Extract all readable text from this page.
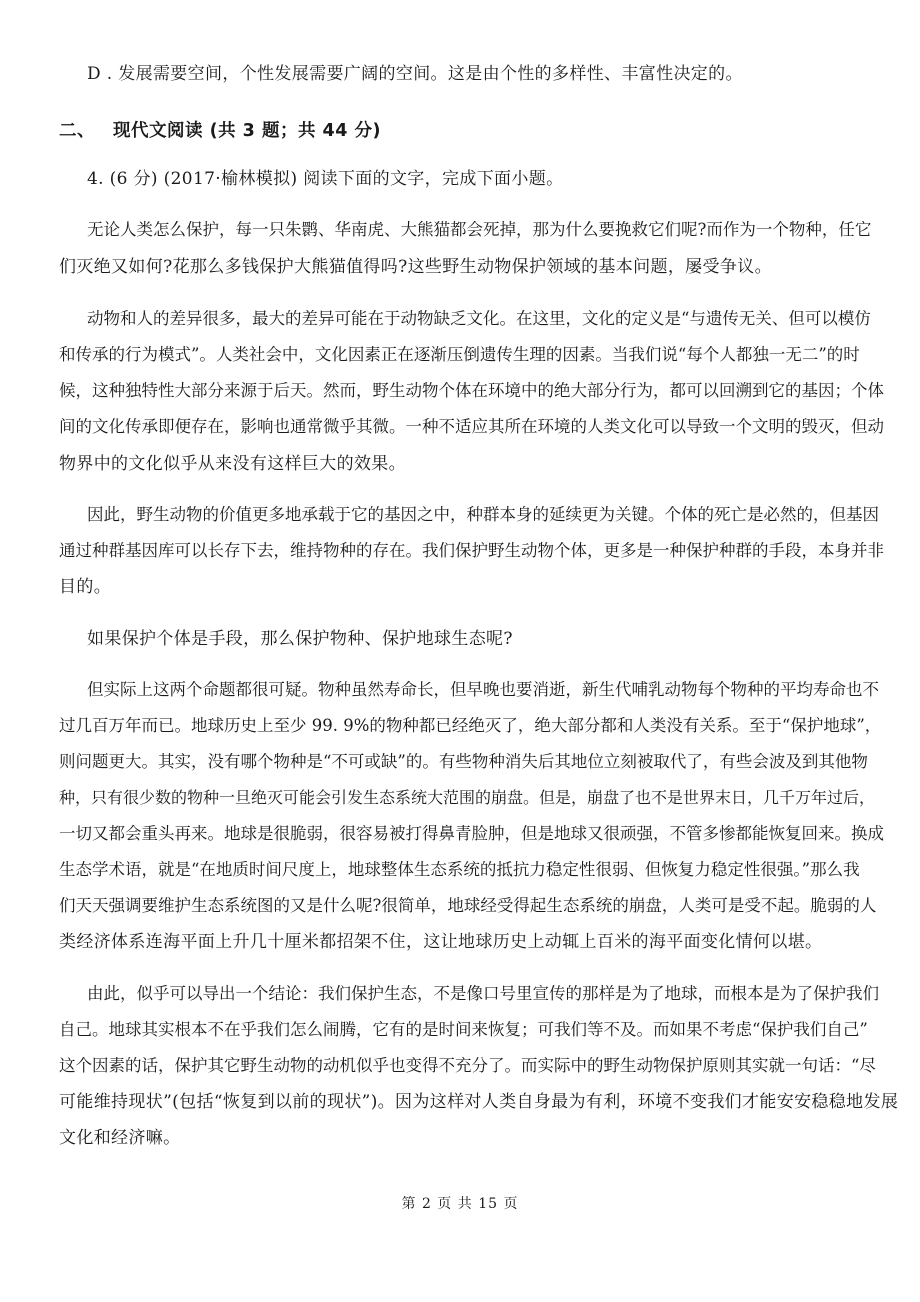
D . 发展需要空间，个性发展需要广阔的空间。这是由个性的多样性、丰富性决定的。
二、 现代文阅读 (共 3 题；共 44 分)
4. (6 分) (2017·榆林模拟) 阅读下面的文字，完成下面小题。
无论人类怎么保护，每一只朱鹮、华南虎、大熊猫都会死掉，那为什么要挽救它们呢?而作为一个物种，任它
们灭绝又如何?花那么多钱保护大熊猫值得吗?这些野生动物保护领域的基本问题，屡受争议。
动物和人的差异很多，最大的差异可能在于动物缺乏文化。在这里，文化的定义是“与遗传无关、但可以模仿
和传承的行为模式”。人类社会中，文化因素正在逐渐压倒遗传生理的因素。当我们说“每个人都独一无二”的时
候，这种独特性大部分来源于后天。然而，野生动物个体在环境中的绝大部分行为，都可以回溯到它的基因；个体
间的文化传承即便存在，影响也通常微乎其微。一种不适应其所在环境的人类文化可以导致一个文明的毁灭，但动
物界中的文化似乎从来没有这样巨大的效果。
因此，野生动物的价值更多地承载于它的基因之中，种群本身的延续更为关键。个体的死亡是必然的，但基因
通过种群基因库可以长存下去，维持物种的存在。我们保护野生动物个体，更多是一种保护种群的手段，本身并非
目的。
如果保护个体是手段，那么保护物种、保护地球生态呢?
但实际上这两个命题都很可疑。物种虽然寿命长，但早晚也要消逝，新生代哺乳动物每个物种的平均寿命也不
过几百万年而已。地球历史上至少 99. 9%的物种都已经绝灭了，绝大部分都和人类没有关系。至于“保护地球”，
则问题更大。其实，没有哪个物种是“不可或缺”的。有些物种消失后其地位立刻被取代了，有些会波及到其他物
种，只有很少数的物种一旦绝灭可能会引发生态系统大范围的崩盘。但是，崩盘了也不是世界末日，几千万年过后，
一切又都会重头再来。地球是很脆弱，很容易被打得鼻青脸肿，但是地球又很顽强，不管多惨都能恢复回来。换成
生态学术语，就是“在地质时间尺度上，地球整体生态系统的抵抗力稳定性很弱、但恢复力稳定性很强。”那么我
们天天强调要维护生态系统图的又是什么呢?很简单，地球经受得起生态系统的崩盘，人类可是受不起。脆弱的人
类经济体系连海平面上升几十厘米都招架不住，这让地球历史上动辄上百米的海平面变化情何以堪。
由此，似乎可以导出一个结论：我们保护生态，不是像口号里宣传的那样是为了地球，而根本是为了保护我们
自己。地球其实根本不在乎我们怎么闹腾，它有的是时间来恢复；可我们等不及。而如果不考虑“保护我们自己”
这个因素的话，保护其它野生动物的动机似乎也变得不充分了。而实际中的野生动物保护原则其实就一句话：“尽
可能维持现状”(包括“恢复到以前的现状”)。因为这样对人类自身最为有利，环境不变我们才能安安稳稳地发展
文化和经济嘛。
第 2 页 共 15 页
